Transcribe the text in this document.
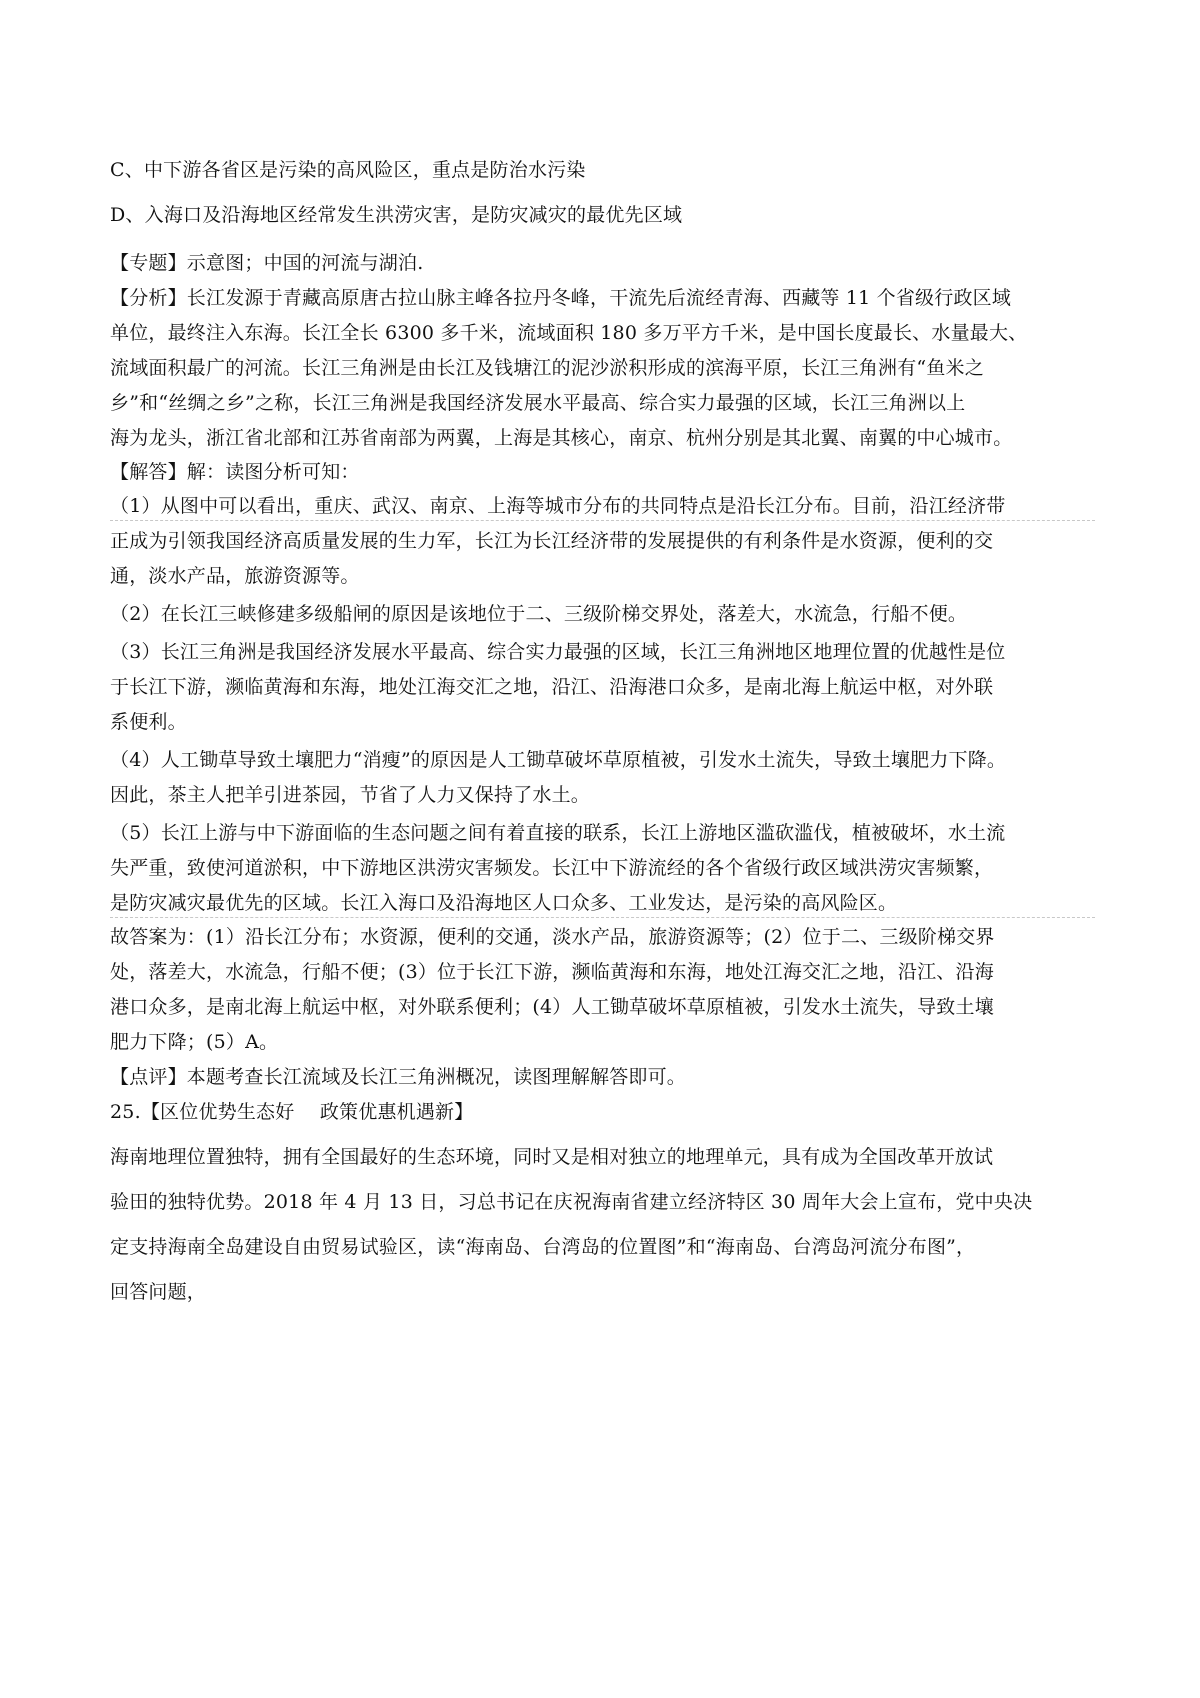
C、中下游各省区是污染的高风险区，重点是防治水污染
D、入海口及沿海地区经常发生洪涝灾害，是防灾减灾的最优先区域
【专题】示意图；中国的河流与湖泊.
【分析】长江发源于青藏高原唐古拉山脉主峰各拉丹冬峰，干流先后流经青海、西藏等 11 个省级行政区域
单位，最终注入东海。长江全长 6300 多千米，流域面积 180 多万平方千米，是中国长度最长、水量最大、
流域面积最广的河流。长江三角洲是由长江及钱塘江的泥沙淤积形成的滨海平原，长江三角洲有“鱼米之
乡”和“丝绸之乡”之称，长江三角洲是我国经济发展水平最高、综合实力最强的区域，长江三角洲以上
海为龙头，浙江省北部和江苏省南部为两翼，上海是其核心，南京、杭州分别是其北翼、南翼的中心城市。
【解答】解：读图分析可知：
（1）从图中可以看出，重庆、武汉、南京、上海等城市分布的共同特点是沿长江分布。目前，沿江经济带
正成为引领我国经济高质量发展的生力军，长江为长江经济带的发展提供的有利条件是水资源，便利的交
通，淡水产品，旅游资源等。
（2）在长江三峡修建多级船闸的原因是该地位于二、三级阶梯交界处，落差大，水流急，行船不便。
（3）长江三角洲是我国经济发展水平最高、综合实力最强的区域，长江三角洲地区地理位置的优越性是位
于长江下游，濒临黄海和东海，地处江海交汇之地，沿江、沿海港口众多，是南北海上航运中枢，对外联
系便利。
（4）人工锄草导致土壤肥力“消瘦”的原因是人工锄草破坏草原植被，引发水土流失，导致土壤肥力下降。
因此，茶主人把羊引进茶园，节省了人力又保持了水土。
（5）长江上游与中下游面临的生态问题之间有着直接的联系，长江上游地区滥砍滥伐，植被破坏，水土流
失严重，致使河道淤积，中下游地区洪涝灾害频发。长江中下游流经的各个省级行政区域洪涝灾害频繁，
是防灾减灾最优先的区域。长江入海口及沿海地区人口众多、工业发达，是污染的高风险区。
故答案为：(1）沿长江分布；水资源，便利的交通，淡水产品，旅游资源等；(2）位于二、三级阶梯交界
处，落差大，水流急，行船不便；(3）位于长江下游，濒临黄海和东海，地处江海交汇之地，沿江、沿海
港口众多，是南北海上航运中枢，对外联系便利；(4）人工锄草破坏草原植被，引发水土流失，导致土壤
肥力下降；(5）A。
【点评】本题考查长江流域及长江三角洲概况，读图理解解答即可。
25.【区位优势生态好　 政策优惠机遇新】
海南地理位置独特，拥有全国最好的生态环境，同时又是相对独立的地理单元，具有成为全国改革开放试
验田的独特优势。2018 年 4 月 13 日，习总书记在庆祝海南省建立经济特区 30 周年大会上宣布，党中央决
定支持海南全岛建设自由贸易试验区，读“海南岛、台湾岛的位置图”和“海南岛、台湾岛河流分布图”，
回答问题，
